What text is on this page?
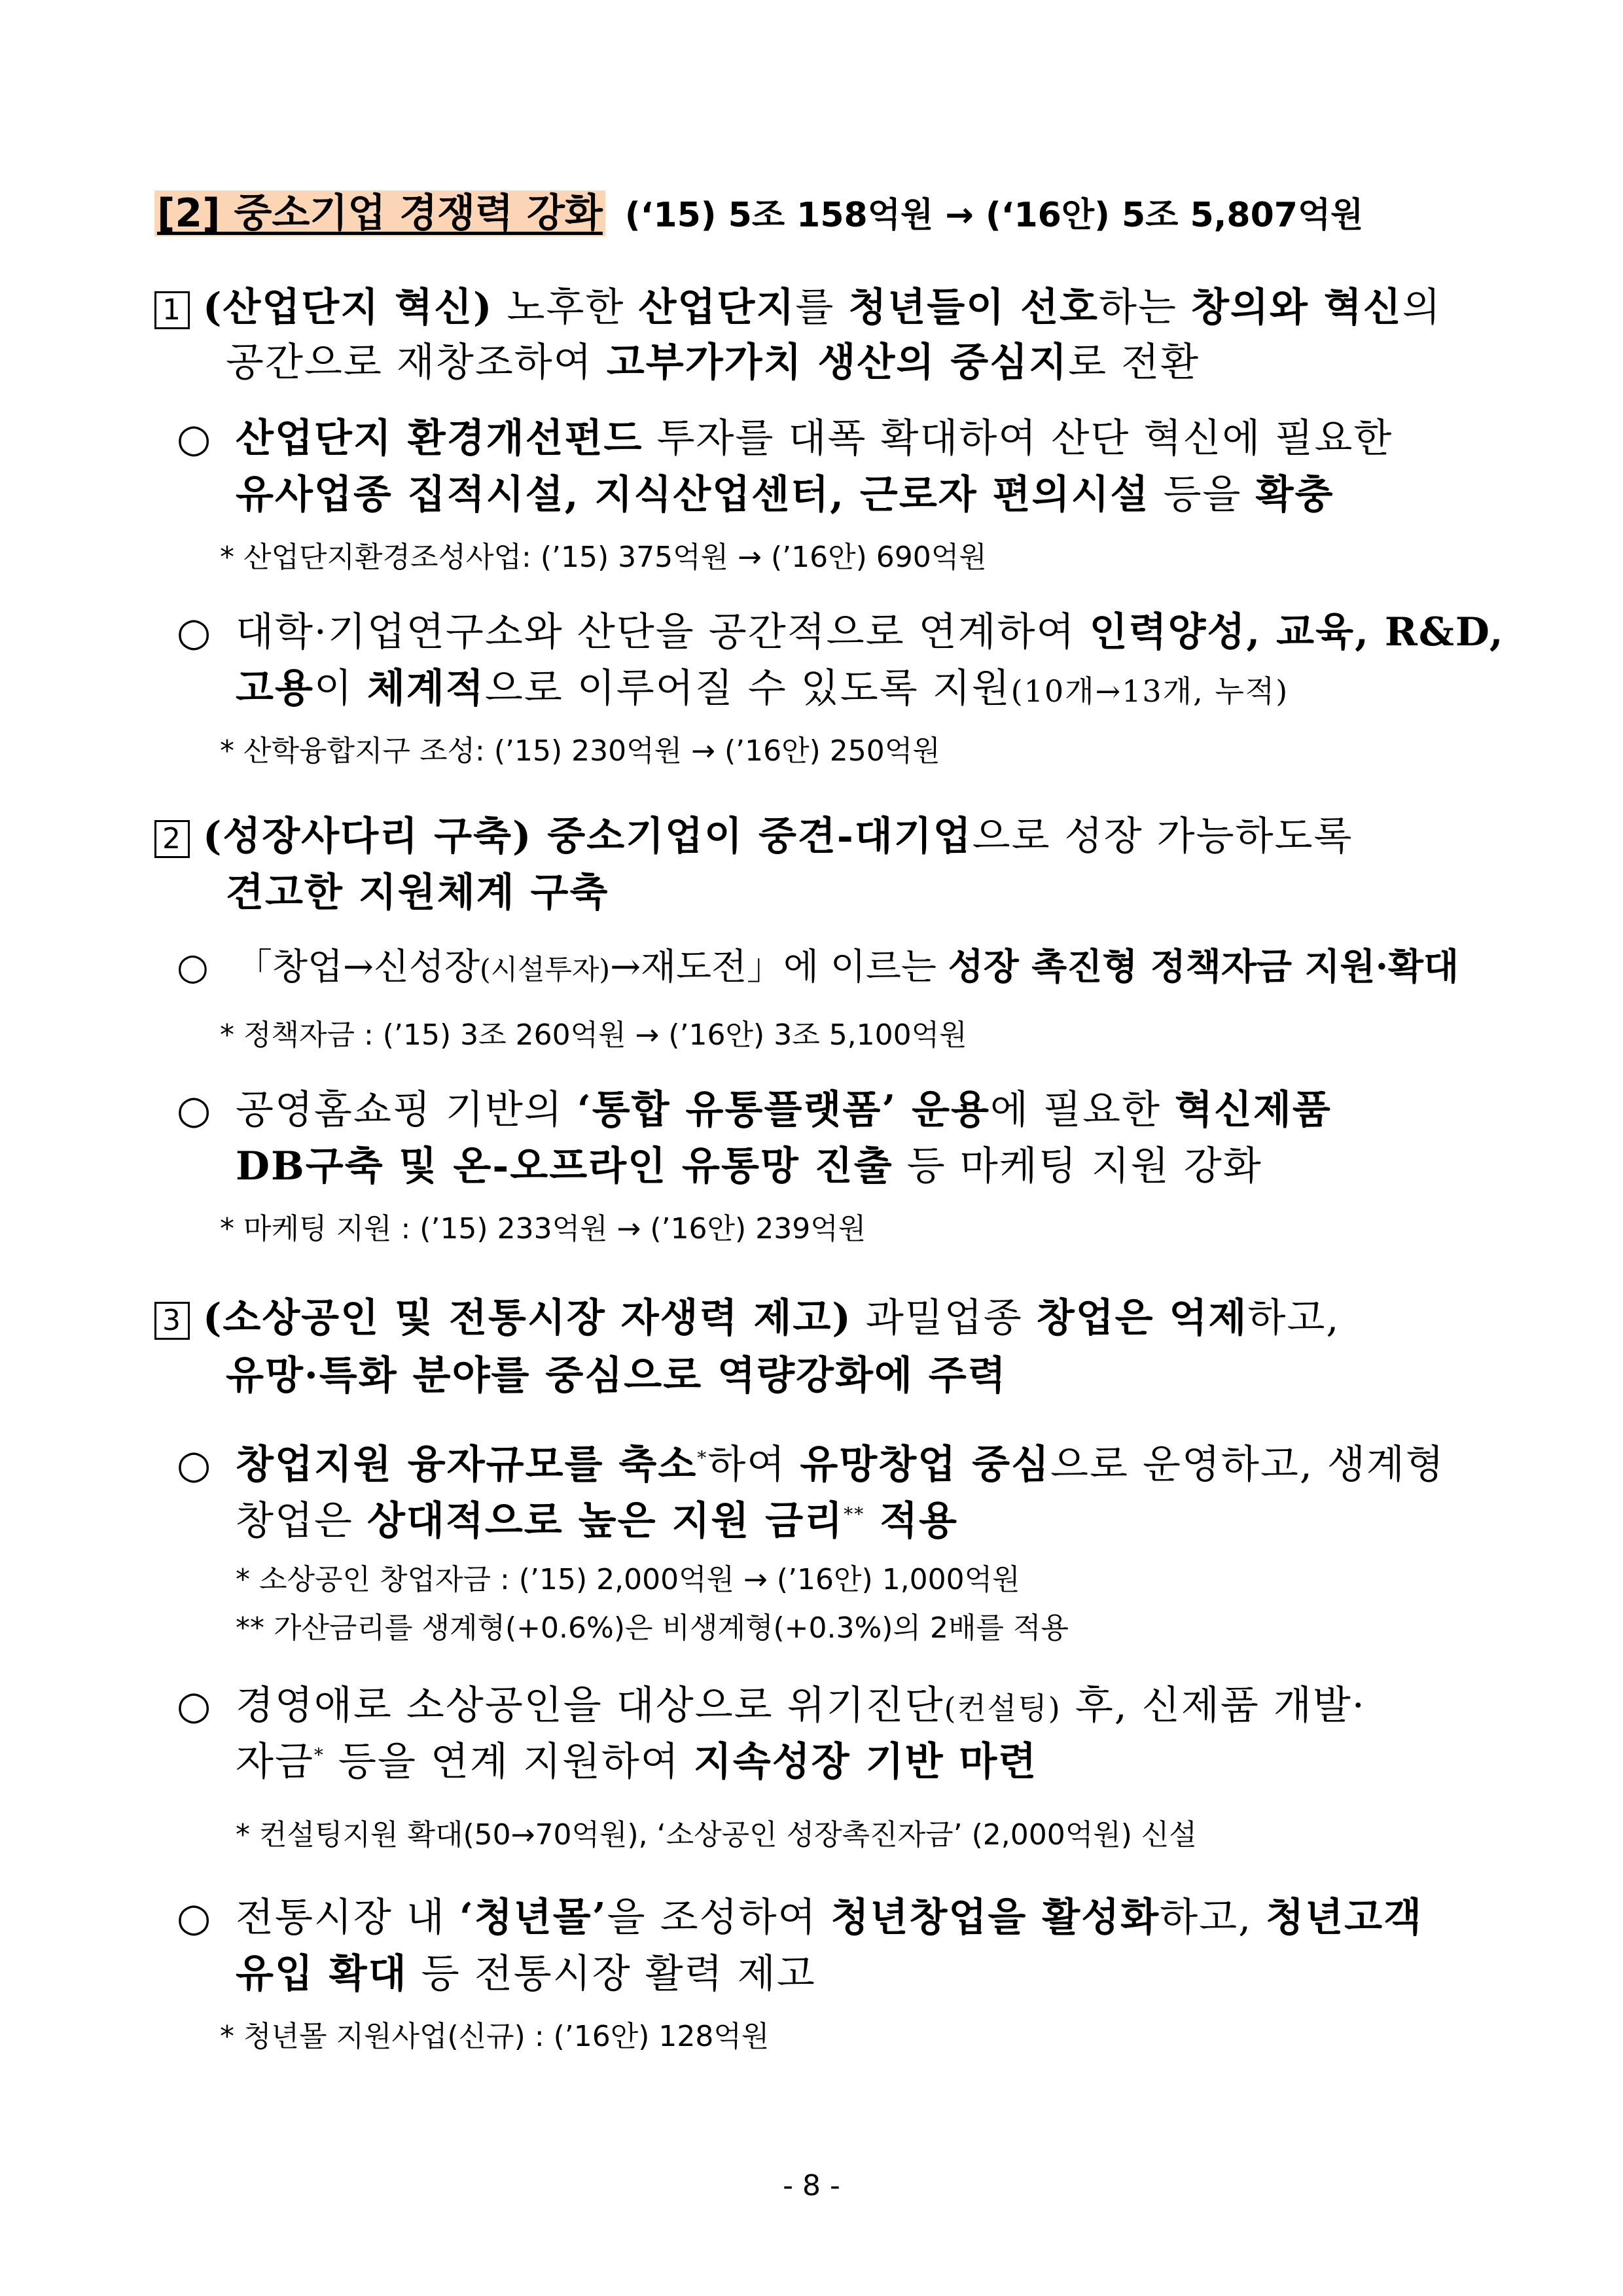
[2] 중소기업 경쟁력 강화 (‘15) 5조 158억원 → (‘16안) 5조 5,807억원
1 (산업단지 혁신) 노후한 산업단지를 청년들이 선호하는 창의와 혁신의
공간으로 재창조하여 고부가가치 생산의 중심지로 전환
○ 산업단지 환경개선펀드 투자를 대폭 확대하여 산단 혁신에 필요한
유사업종 집적시설, 지식산업센터, 근로자 편의시설 등을 확충
* 산업단지환경조성사업: (’15) 375억원 → (’16안) 690억원
○ 대학·기업연구소와 산단을 공간적으로 연계하여 인력양성, 교육, R&D,
고용이 체계적으로 이루어질 수 있도록 지원(10개→13개, 누적)
* 산학융합지구 조성: (’15) 230억원 → (’16안) 250억원
2 (성장사다리 구축) 중소기업이 중견-대기업으로 성장 가능하도록
견고한 지원체계 구축
○ 「창업→신성장(시설투자)→재도전」에 이르는 성장 촉진형 정책자금 지원·확대
* 정책자금 : (’15) 3조 260억원 → (’16안) 3조 5,100억원
○ 공영홈쇼핑 기반의 ‘통합 유통플랫폼’ 운용에 필요한 혁신제품
DB구축 및 온-오프라인 유통망 진출 등 마케팅 지원 강화
* 마케팅 지원 : (’15) 233억원 → (’16안) 239억원
3 (소상공인 및 전통시장 자생력 제고) 과밀업종 창업은 억제하고,
유망·특화 분야를 중심으로 역량강화에 주력
○ 창업지원 융자규모를 축소*하여 유망창업 중심으로 운영하고, 생계형
창업은 상대적으로 높은 지원 금리** 적용
* 소상공인 창업자금 : (’15) 2,000억원 → (’16안) 1,000억원
** 가산금리를 생계형(+0.6%)은 비생계형(+0.3%)의 2배를 적용
○ 경영애로 소상공인을 대상으로 위기진단(컨설팅) 후, 신제품 개발·
자금* 등을 연계 지원하여 지속성장 기반 마련
* 컨설팅지원 확대(50→70억원), ‘소상공인 성장촉진자금’ (2,000억원) 신설
○ 전통시장 내 ‘청년몰’을 조성하여 청년창업을 활성화하고, 청년고객
유입 확대 등 전통시장 활력 제고
* 청년몰 지원사업(신규) : (’16안) 128억원
- 8 -
